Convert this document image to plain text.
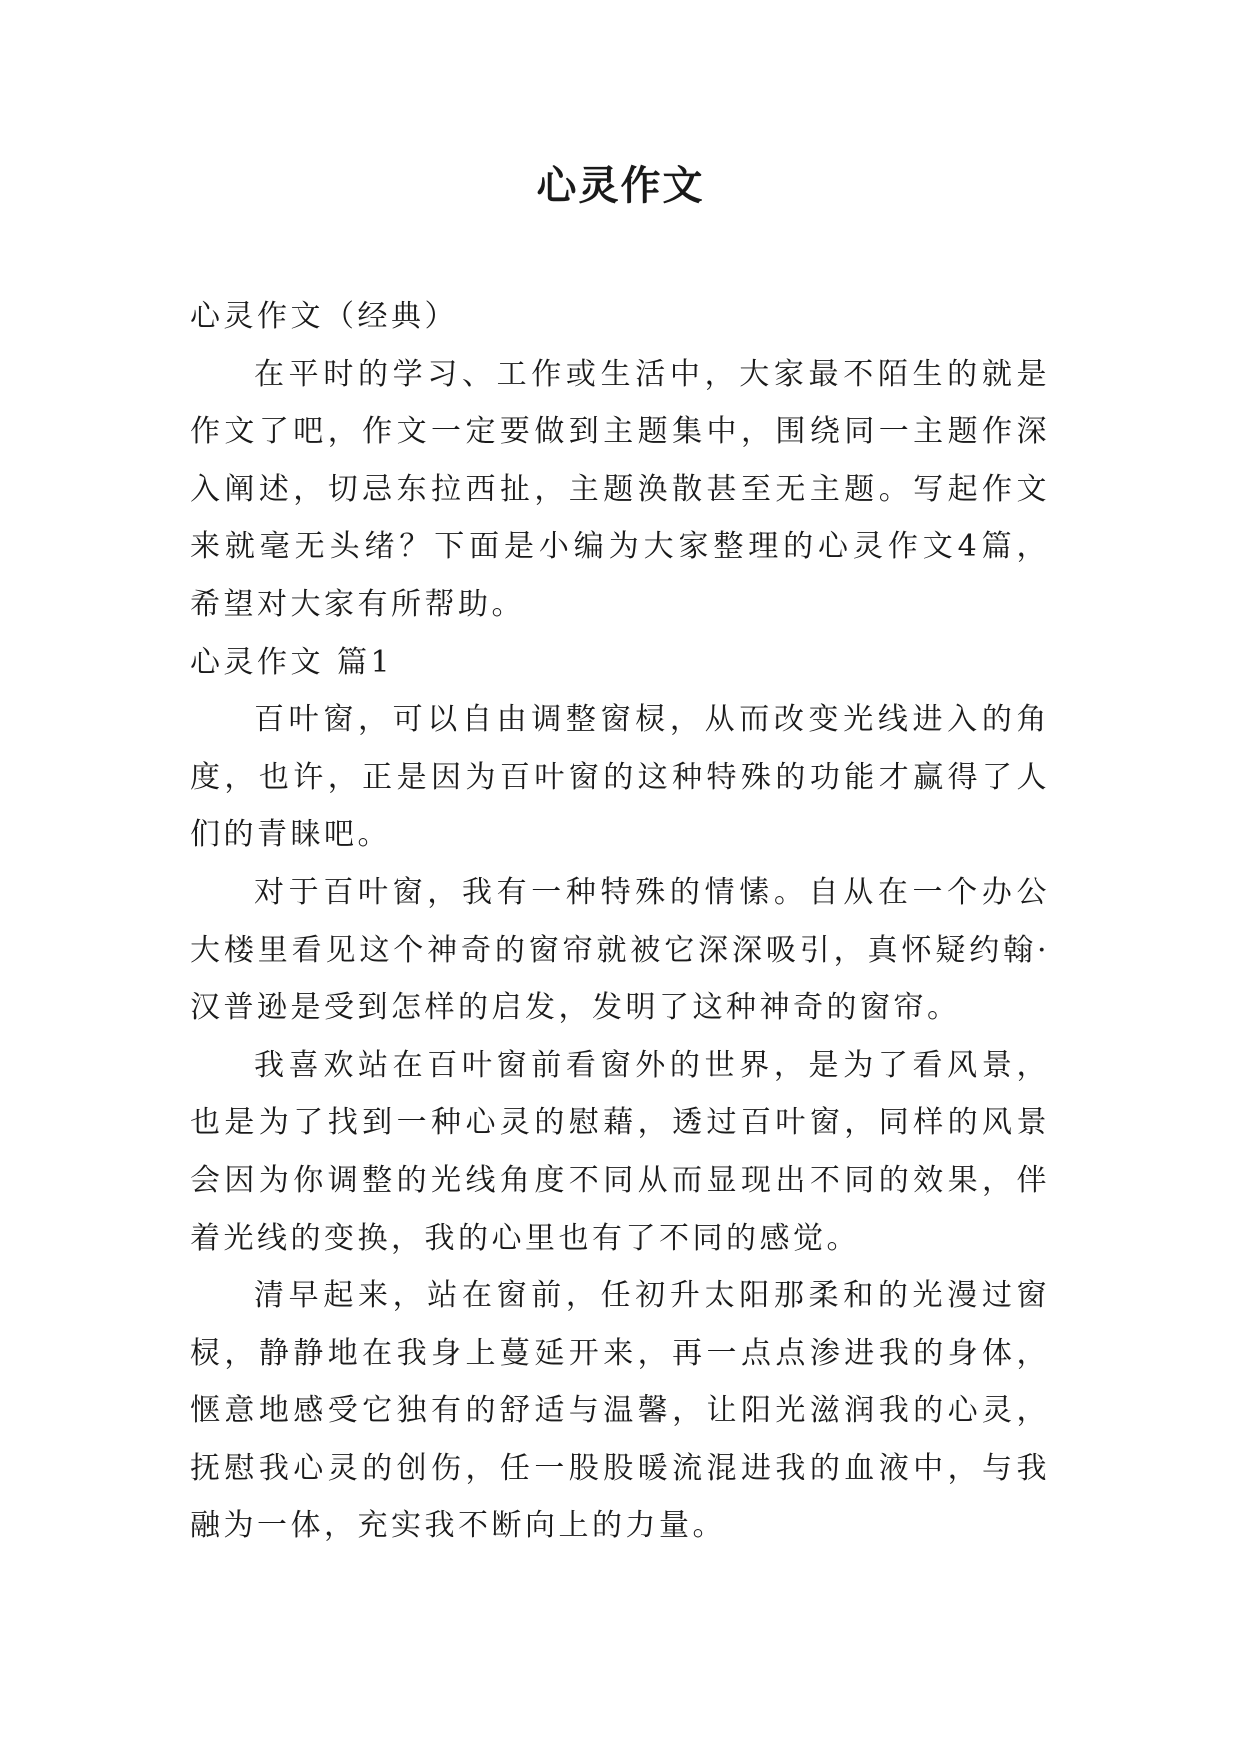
心灵作文

心灵作文（经典）

在平时的学习、工作或生活中，大家最不陌生的就是作文了吧，作文一定要做到主题集中，围绕同一主题作深入阐述，切忌东拉西扯，主题涣散甚至无主题。写起作文来就毫无头绪？下面是小编为大家整理的心灵作文4篇，希望对大家有所帮助。

心灵作文 篇1

百叶窗，可以自由调整窗棂，从而改变光线进入的角度，也许，正是因为百叶窗的这种特殊的功能才赢得了人们的青睐吧。

对于百叶窗，我有一种特殊的情愫。自从在一个办公大楼里看见这个神奇的窗帘就被它深深吸引，真怀疑约翰·汉普逊是受到怎样的启发，发明了这种神奇的窗帘。

我喜欢站在百叶窗前看窗外的世界，是为了看风景，也是为了找到一种心灵的慰藉，透过百叶窗，同样的风景会因为你调整的光线角度不同从而显现出不同的效果，伴着光线的变换，我的心里也有了不同的感觉。

清早起来，站在窗前，任初升太阳那柔和的光漫过窗棂，静静地在我身上蔓延开来，再一点点渗进我的身体，惬意地感受它独有的舒适与温馨，让阳光滋润我的心灵，抚慰我心灵的创伤，任一股股暖流混进我的血液中，与我融为一体，充实我不断向上的力量。
